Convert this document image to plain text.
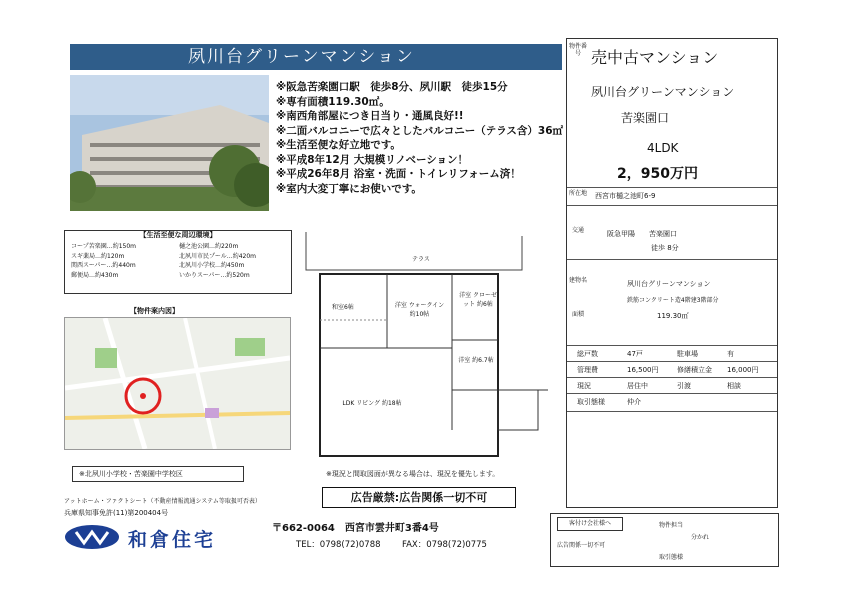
夙川台グリーンマンション
※阪急苦楽園口駅　徒歩8分、夙川駅　徒歩15分
※専有面積119.30㎡。
※南西角部屋につき日当り・通風良好!!
※二面バルコニーで広々としたバルコニー（テラス含）36㎡
※生活至便な好立地です。
※平成8年12月 大規模リノベーション！
※平成26年8月 浴室・洗面・トイレリフォーム済！
※室内大変丁寧にお使いです。
【生活至便な周辺環境】
コープ苦楽園…約150m
スギ薬局…約120m
関西スーパー…約440m
郵便局…約430m
樋之池公園…約220m
北夙川市民プール…約420m
北夙川小学校…約450m
いかりスーパー…約520m
【物件案内図】
※北夙川小学校・苦楽園中学校区
アットホーム・ファクトシート（不動産情報流通システム等取扱可否表）
兵庫県知事免許(11)第200404号
テラス
和室6帖	洋室 ウォークイン 約10帖
洋室 クローゼット 約6帖
LDK リビング 約18帖
洋室 約6.7帖
※現況と間取図面が異なる場合は、現況を優先します。
広告厳禁:広告関係一切不可
和倉住宅
〒662-0064　西宮市雲井町3番4号
TEL：0798(72)0788	FAX：0798(72)0775
物件番号 売中古マンション
夙川台グリーンマンション
苦楽園口
4LDK
2，950万円
所在地 西宮市樋之池町6-9
交通	阪急甲陽　　苦楽園口
徒歩 8分
建物名	夙川台グリーンマンション
鉄筋コンクリート造4階建3階部分
面積	119.30㎡
総戸数	47戸	駐車場	有
管理費	16,500円	修繕積立金 16,000円
現況	居住中	引渡	相談
取引態様	仲介
客付け会社様へ
広告関係一切不可
物件担当
分かれ
取引態様
